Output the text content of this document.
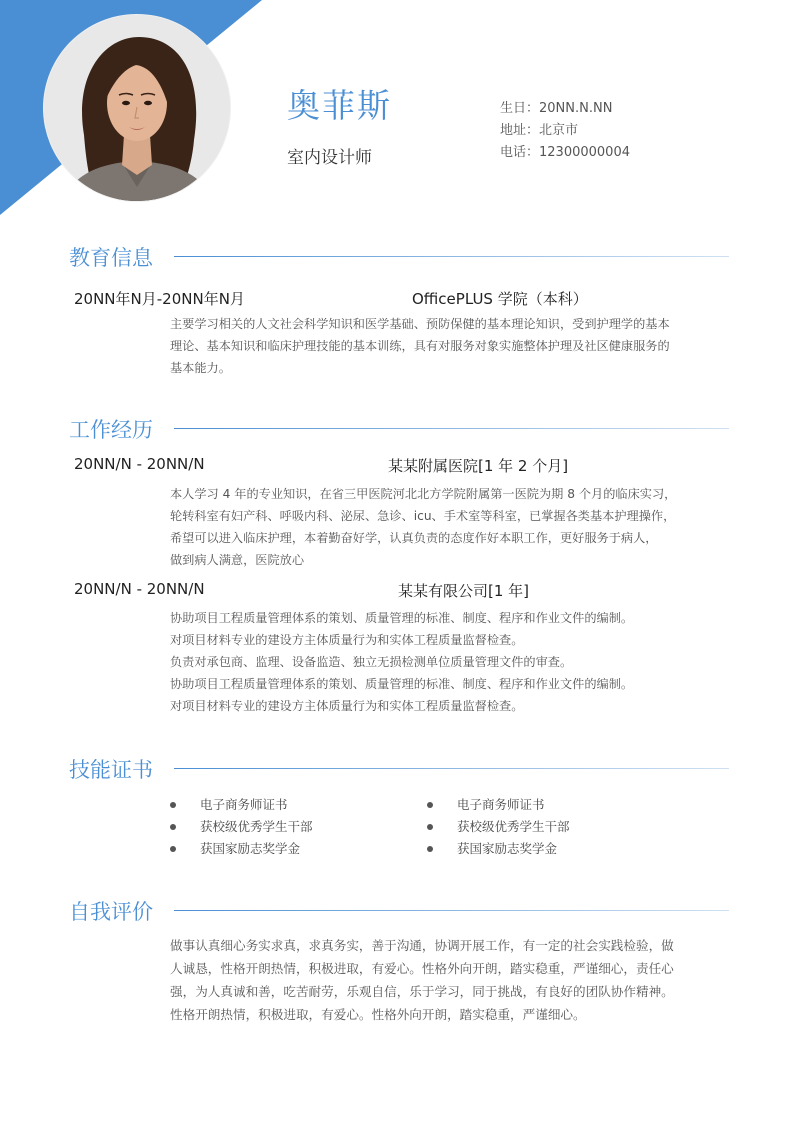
奥菲斯
室内设计师
生日：20NN.N.NN
地址：北京市
电话：12300000004
教育信息
20NN年N月-20NN年N月	OfficePLUS 学院（本科）
主要学习相关的人文社会科学知识和医学基础、预防保健的基本理论知识，受到护理学的基本
理论、基本知识和临床护理技能的基本训练，具有对服务对象实施整体护理及社区健康服务的
基本能力。
工作经历
20NN/N - 20NN/N	某某附属医院[1 年 2 个月]
本人学习 4 年的专业知识，在省三甲医院河北北方学院附属第一医院为期 8 个月的临床实习，
轮转科室有妇产科、呼吸内科、泌尿、急诊、icu、手术室等科室，已掌握各类基本护理操作，
希望可以进入临床护理，本着勤奋好学，认真负责的态度作好本职工作，更好服务于病人，
做到病人满意，医院放心
20NN/N - 20NN/N	某某有限公司[1 年]
协助项目工程质量管理体系的策划、质量管理的标准、制度、程序和作业文件的编制。
对项目材料专业的建设方主体质量行为和实体工程质量监督检查。
负责对承包商、监理、设备监造、独立无损检测单位质量管理文件的审查。
协助项目工程质量管理体系的策划、质量管理的标准、制度、程序和作业文件的编制。
对项目材料专业的建设方主体质量行为和实体工程质量监督检查。
技能证书
电子商务师证书
获校级优秀学生干部
获国家励志奖学金
电子商务师证书
获校级优秀学生干部
获国家励志奖学金
自我评价
做事认真细心务实求真，求真务实，善于沟通，协调开展工作，有一定的社会实践检验，做
人诚恳，性格开朗热情，积极进取，有爱心。性格外向开朗，踏实稳重，严谨细心，责任心
强，为人真诚和善，吃苦耐劳，乐观自信，乐于学习，同于挑战，有良好的团队协作精神。
性格开朗热情，积极进取，有爱心。性格外向开朗，踏实稳重，严谨细心。
